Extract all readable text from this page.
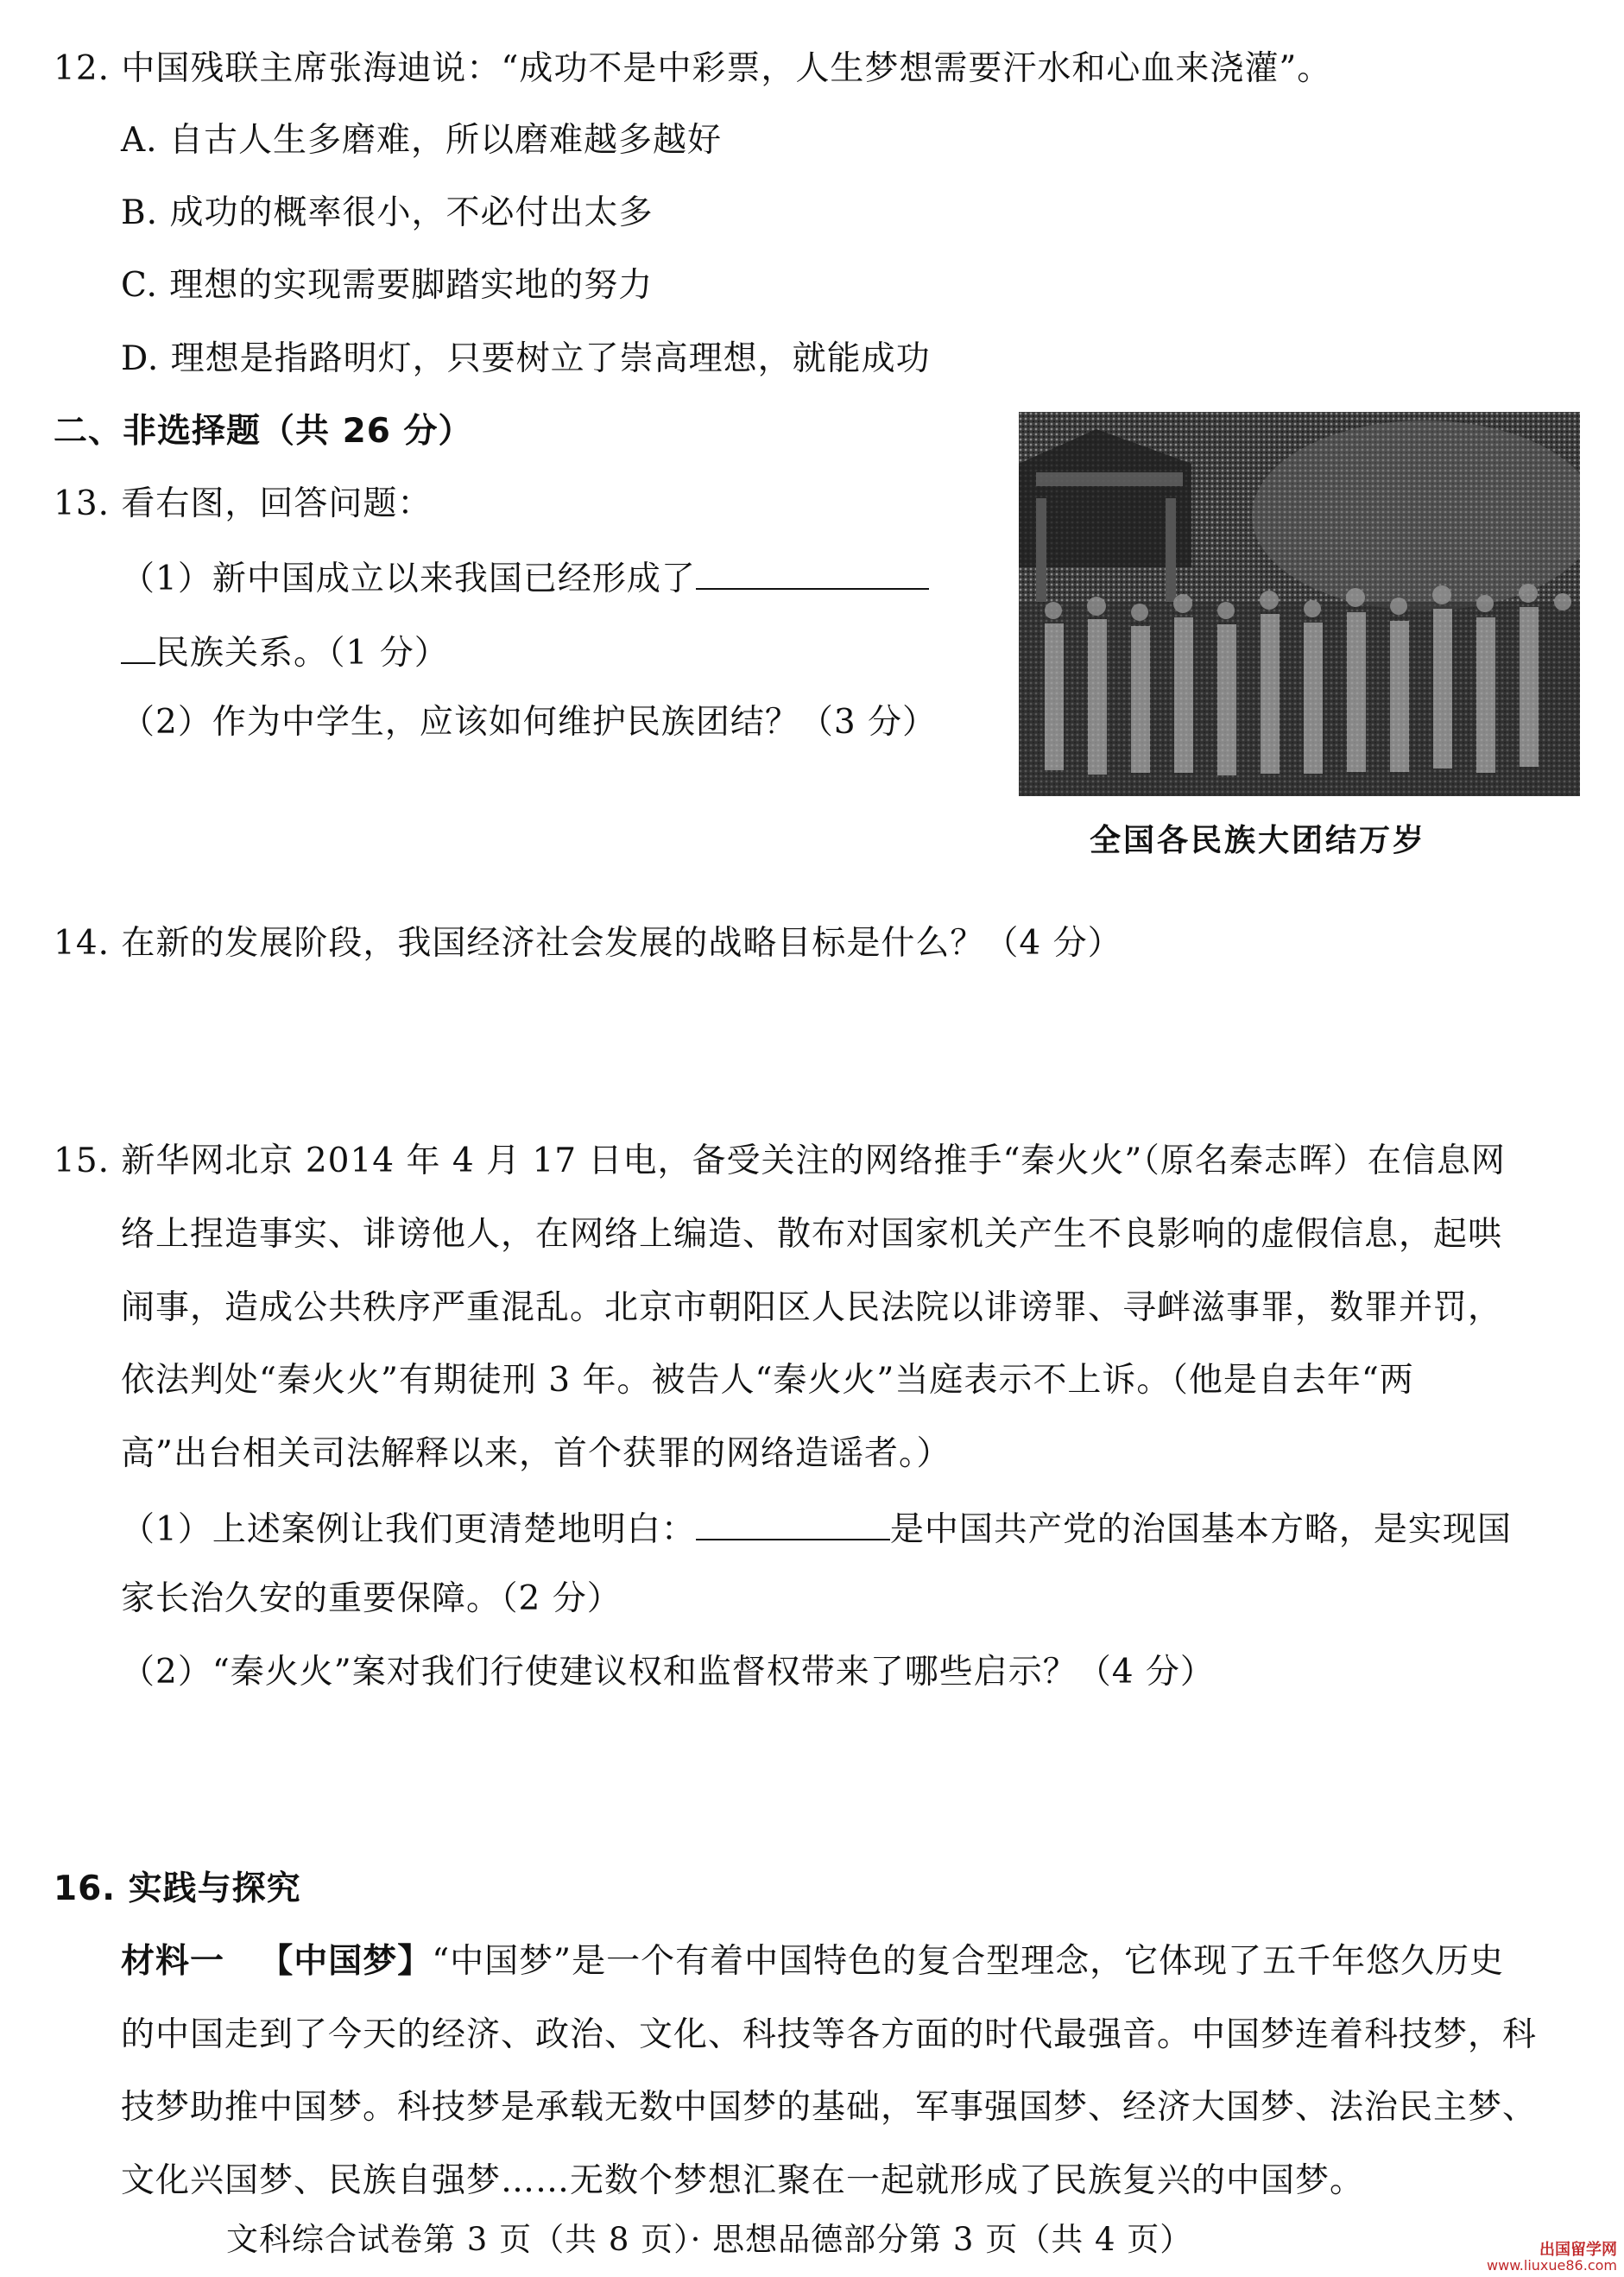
12. 中国残联主席张海迪说：“成功不是中彩票，人生梦想需要汗水和心血来浇灌”。
A. 自古人生多磨难，所以磨难越多越好
B. 成功的概率很小，不必付出太多
C. 理想的实现需要脚踏实地的努力
D. 理想是指路明灯，只要树立了崇高理想，就能成功
二、非选择题（共 26 分）
13. 看右图，回答问题：
（1）新中国成立以来我国已经形成了
民族关系。（1 分）
（2）作为中学生，应该如何维护民族团结？（3 分）
全国各民族大团结万岁
14. 在新的发展阶段，我国经济社会发展的战略目标是什么？（4 分）
15. 新华网北京 2014 年 4 月 17 日电，备受关注的网络推手“秦火火”（原名秦志晖）在信息网
络上捏造事实、诽谤他人，在网络上编造、散布对国家机关产生不良影响的虚假信息，起哄
闹事，造成公共秩序严重混乱。北京市朝阳区人民法院以诽谤罪、寻衅滋事罪，数罪并罚，
依法判处“秦火火”有期徒刑 3 年。被告人“秦火火”当庭表示不上诉。（他是自去年“两
高”出台相关司法解释以来，首个获罪的网络造谣者。）
（1）上述案例让我们更清楚地明白：	是中国共产党的治国基本方略，是实现国
家长治久安的重要保障。（2 分）
（2）“秦火火”案对我们行使建议权和监督权带来了哪些启示？（4 分）
16. 实践与探究
材料一 【中国梦】“中国梦”是一个有着中国特色的复合型理念，它体现了五千年悠久历史
的中国走到了今天的经济、政治、文化、科技等各方面的时代最强音。中国梦连着科技梦，科
技梦助推中国梦。科技梦是承载无数中国梦的基础，军事强国梦、经济大国梦、法治民主梦、
文化兴国梦、民族自强梦……无数个梦想汇聚在一起就形成了民族复兴的中国梦。
文科综合试卷第 3 页（共 8 页）· 思想品德部分第 3 页（共 4 页）	出国留学网
www.liuxue86.com
